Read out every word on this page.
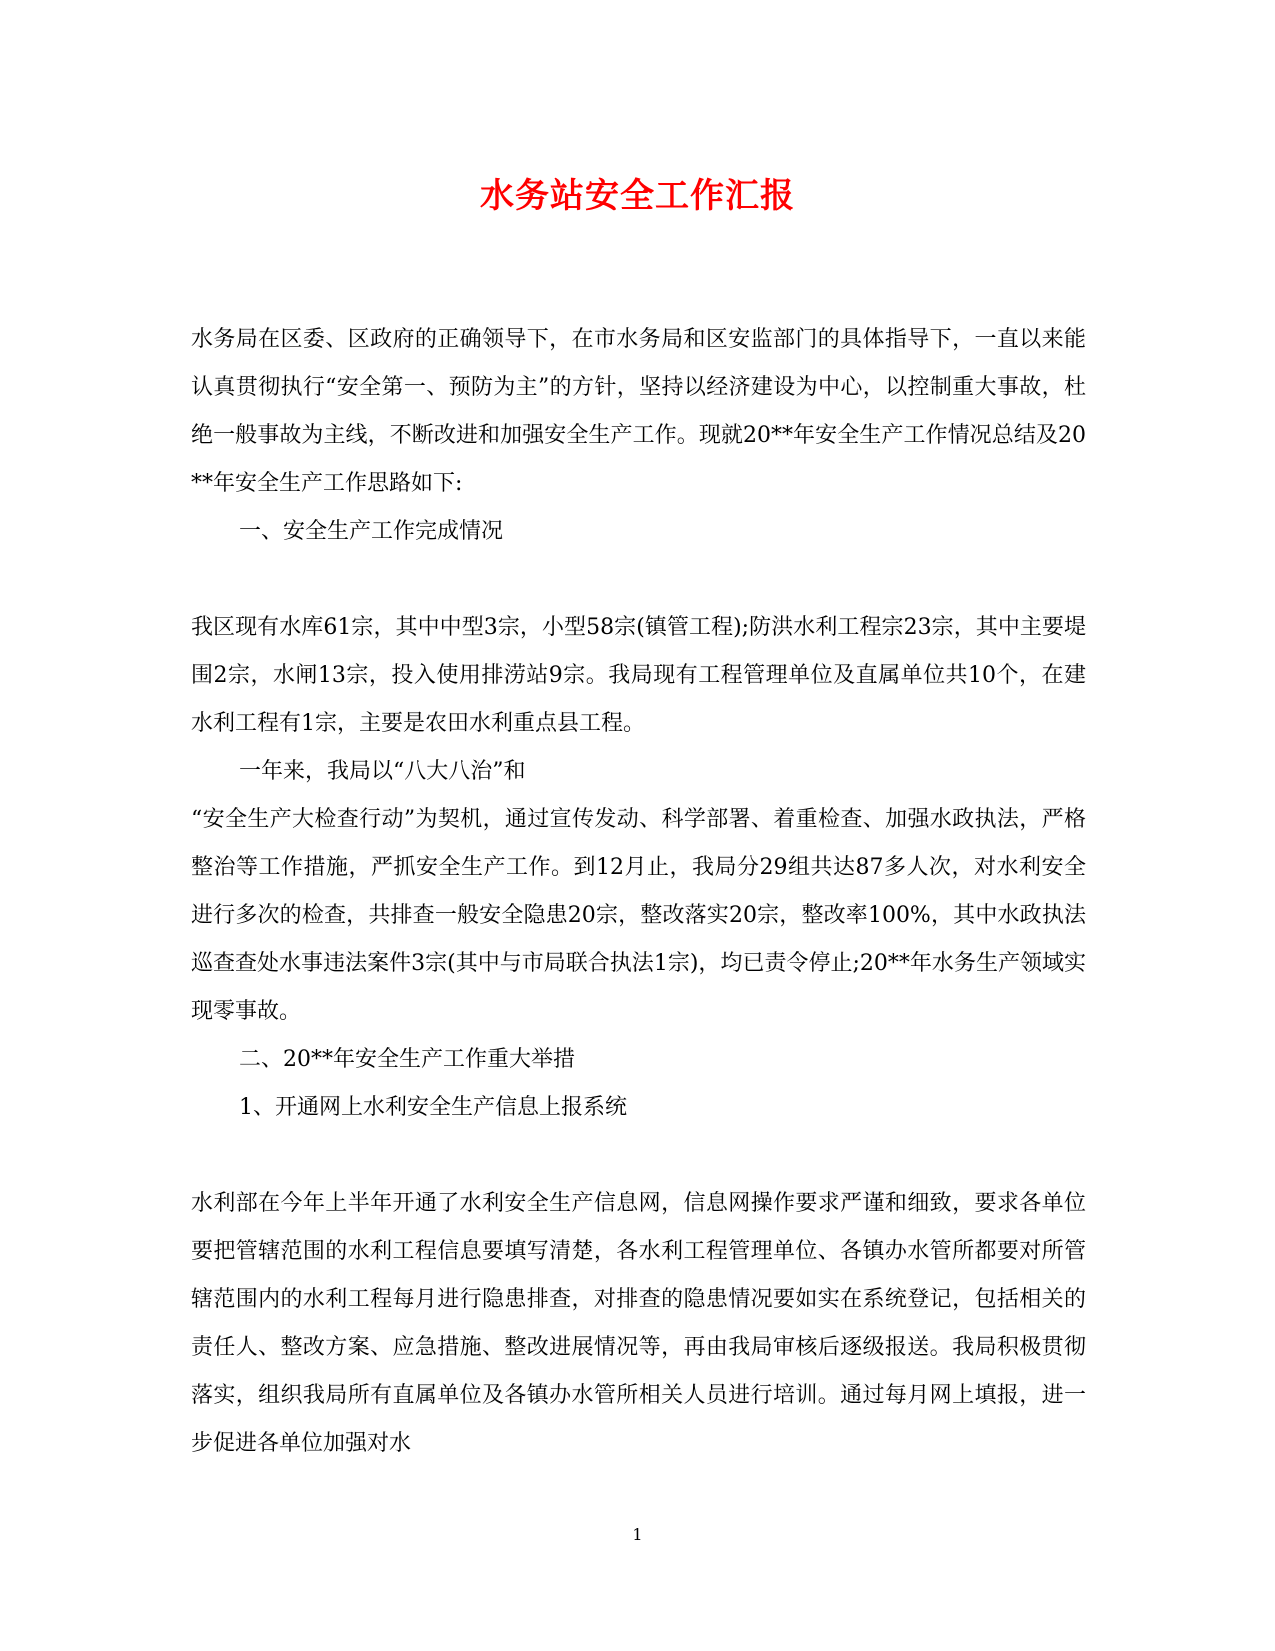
水务站安全工作汇报

水务局在区委、区政府的正确领导下，在市水务局和区安监部门的具体指导下，一直以来能认真贯彻执行“安全第一、预防为主”的方针，坚持以经济建设为中心，以控制重大事故，杜绝一般事故为主线，不断改进和加强安全生产工作。现就20**年安全生产工作情况总结及20**年安全生产工作思路如下:

一、安全生产工作完成情况

我区现有水库61宗，其中中型3宗，小型58宗(镇管工程);防洪水利工程宗23宗，其中主要堤围2宗，水闸13宗，投入使用排涝站9宗。我局现有工程管理单位及直属单位共10个，在建水利工程有1宗，主要是农田水利重点县工程。

一年来，我局以“八大八治”和

“安全生产大检查行动”为契机，通过宣传发动、科学部署、着重检查、加强水政执法，严格整治等工作措施，严抓安全生产工作。到12月止，我局分29组共达87多人次，对水利安全进行多次的检查，共排查一般安全隐患20宗，整改落实20宗，整改率100%，其中水政执法巡查查处水事违法案件3宗(其中与市局联合执法1宗)，均已责令停止;20**年水务生产领域实现零事故。

二、20**年安全生产工作重大举措

1、开通网上水利安全生产信息上报系统

水利部在今年上半年开通了水利安全生产信息网，信息网操作要求严谨和细致，要求各单位要把管辖范围的水利工程信息要填写清楚，各水利工程管理单位、各镇办水管所都要对所管辖范围内的水利工程每月进行隐患排查，对排查的隐患情况要如实在系统登记，包括相关的责任人、整改方案、应急措施、整改进展情况等，再由我局审核后逐级报送。我局积极贯彻落实，组织我局所有直属单位及各镇办水管所相关人员进行培训。通过每月网上填报，进一步促进各单位加强对水

1
